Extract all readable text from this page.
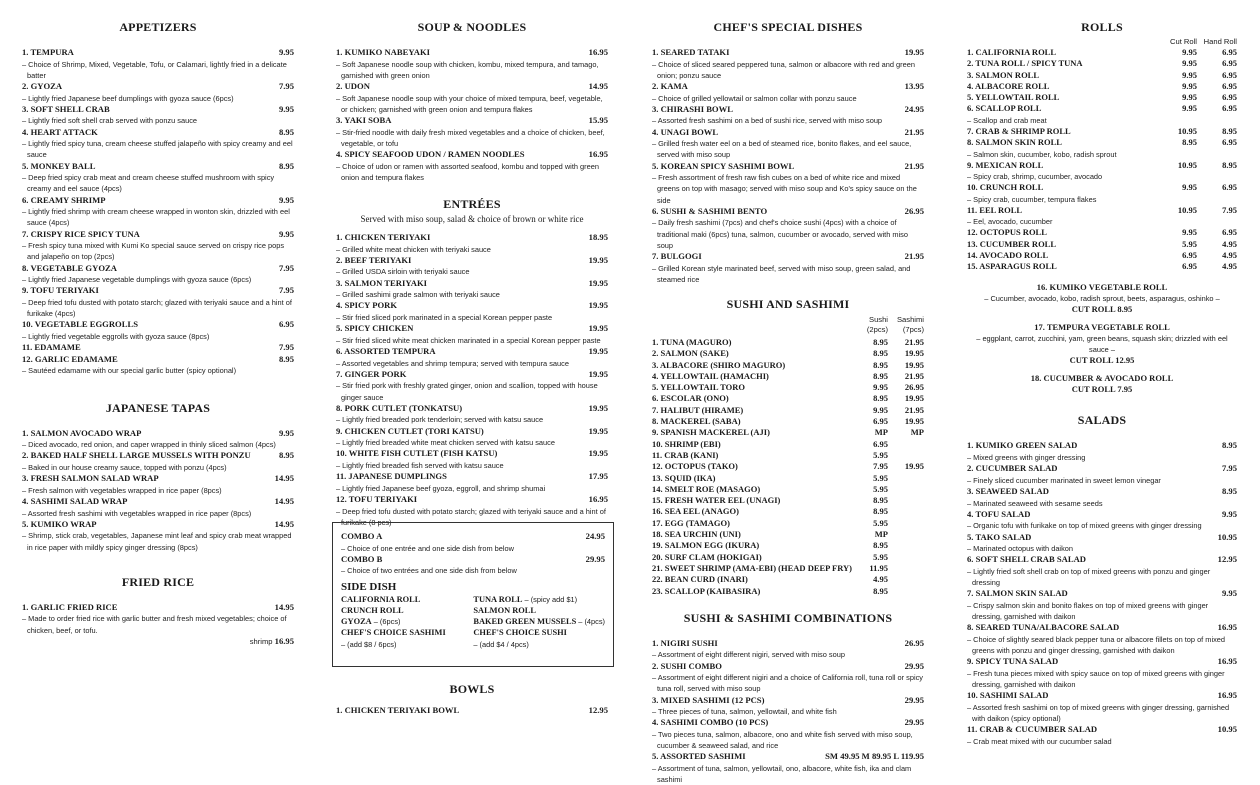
APPETIZERS
1. TEMPURA	9.95
– Choice of Shrimp, Mixed, Vegetable, Tofu, or Calamari, lightly fried in a delicate batter
2. GYOZA	7.95
– Lightly fried Japanese beef dumplings with gyoza sauce (6pcs)
3. SOFT SHELL CRAB	9.95
– Lightly fried soft shell crab served with ponzu sauce
4. HEART ATTACK	8.95
– Lightly fried spicy tuna, cream cheese stuffed jalapeño with spicy creamy and eel sauce
5. MONKEY BALL	8.95
– Deep fried spicy crab meat and cream cheese stuffed mushroom with spicy creamy and eel sauce (4pcs)
6. CREAMY SHRIMP	9.95
– Lightly fried shrimp with cream cheese wrapped in wonton skin, drizzled with eel sauce (4pcs)
7. CRISPY RICE SPICY TUNA	9.95
– Fresh spicy tuna mixed with Kumi Ko special sauce served on crispy rice pops and jalapeño on top (2pcs)
8. VEGETABLE GYOZA	7.95
– Lightly fried Japanese vegetable dumplings with gyoza sauce (6pcs)
9. TOFU TERIYAKI	7.95
– Deep fried tofu dusted with potato starch; glazed with teriyaki sauce and a hint of furikake (4pcs)
10. VEGETABLE EGGROLLS	6.95
– Lightly fried vegetable eggrolls with gyoza sauce (8pcs)
11. EDAMAME	7.95
12. GARLIC EDAMAME	8.95
– Sautéed edamame with our special garlic butter (spicy optional)
JAPANESE TAPAS
1. SALMON AVOCADO WRAP	9.95
– Diced avocado, red onion, and caper wrapped in thinly sliced salmon (4pcs)
2. BAKED HALF SHELL LARGE MUSSELS WITH PONZU	8.95
– Baked in our house creamy sauce, topped with ponzu (4pcs)
3. FRESH SALMON SALAD WRAP	14.95
– Fresh salmon with vegetables wrapped in rice paper (8pcs)
4. SASHIMI SALAD WRAP	14.95
– Assorted fresh sashimi with vegetables wrapped in rice paper (8pcs)
5. KUMIKO WRAP	14.95
– Shrimp, stick crab, vegetables, Japanese mint leaf and spicy crab meat wrapped in rice paper with mildly spicy ginger dressing (8pcs)
FRIED RICE
1. GARLIC FRIED RICE	14.95
– Made to order fried rice with garlic butter and fresh mixed vegetables; choice of chicken, beef, or tofu.
shrimp 16.95
SOUP & NOODLES
1. KUMIKO NABEYAKI	16.95
– Soft Japanese noodle soup with chicken, kombu, mixed tempura, and tamago, garnished with green onion
2. UDON	14.95
– Soft Japanese noodle soup with your choice of mixed tempura, beef, vegetable, or chicken; garnished with green onion and tempura flakes
3. YAKI SOBA	15.95
– Stir-fried noodle with daily fresh mixed vegetables and a choice of chicken, beef, vegetable, or tofu
4. SPICY SEAFOOD UDON / RAMEN NOODLES	16.95
– Choice of udon or ramen with assorted seafood, kombu and topped with green onion and tempura flakes
ENTRÉES
Served with miso soup, salad & choice of brown or white rice
1. CHICKEN TERIYAKI	18.95
– Grilled white meat chicken with teriyaki sauce
2. BEEF TERIYAKI	19.95
– Grilled USDA sirloin with teriyaki sauce
3. SALMON TERIYAKI	19.95
– Grilled sashimi grade salmon with teriyaki sauce
4. SPICY PORK	19.95
– Stir fried sliced pork marinated in a special Korean pepper paste
5. SPICY CHICKEN	19.95
– Stir fried sliced white meat chicken marinated in a special Korean pepper paste
6. ASSORTED TEMPURA	19.95
– Assorted vegetables and shrimp tempura; served with tempura sauce
7. GINGER PORK	19.95
– Stir fried pork with freshly grated ginger, onion and scallion, topped with house ginger sauce
8. PORK CUTLET (TONKATSU)	19.95
– Lightly fried breaded pork tenderloin; served with katsu sauce
9. CHICKEN CUTLET (TORI KATSU)	19.95
– Lightly fried breaded white meat chicken served with katsu sauce
10. WHITE FISH CUTLET (FISH KATSU)	19.95
– Lightly fried breaded fish served with katsu sauce
11. JAPANESE DUMPLINGS	17.95
– Lightly fried Japanese beef gyoza, eggroll, and shrimp shumai
12. TOFU TERIYAKI	16.95
– Deep fried tofu dusted with potato starch; glazed with teriyaki sauce and a hint of furikake (8 pcs)
BOWLS
1. CHICKEN TERIYAKI BOWL	12.95
COMBO A	24.95
– Choice of one entrée and one side dish from below
COMBO B	29.95
– Choice of two entrées and one side dish from below
SIDE DISH
CALIFORNIA ROLL
CRUNCH ROLL
GYOZA – (6pcs)
CHEF'S CHOICE SASHIMI
– (add $8 / 6pcs)
TUNA ROLL – (spicy add $1)
SALMON ROLL
BAKED GREEN MUSSELS – (4pcs)
CHEF'S CHOICE SUSHI
– (add $4 / 4pcs)
CHEF'S SPECIAL DISHES
1. SEARED TATAKI	19.95
– Choice of sliced seared peppered tuna, salmon or albacore with red and green onion; ponzu sauce
2. KAMA	13.95
– Choice of grilled yellowtail or salmon collar with ponzu sauce
3. CHIRASHI BOWL	24.95
– Assorted fresh sashimi on a bed of sushi rice, served with miso soup
4. UNAGI BOWL	21.95
– Grilled fresh water eel on a bed of steamed rice, bonito flakes, and eel sauce, served with miso soup
5. KOREAN SPICY SASHIMI BOWL	21.95
– Fresh assortment of fresh raw fish cubes on a bed of white rice and mixed greens on top with masago; served with miso soup and Ko's spicy sauce on the side
6. SUSHI & SASHIMI BENTO	26.95
– Daily fresh sashimi (7pcs) and chef's choice sushi (4pcs) with a choice of traditional maki (6pcs) tuna, salmon, cucumber or avocado, served with miso soup
7. BULGOGI	21.95
– Grilled Korean style marinated beef, served with miso soup, green salad, and steamed rice
SUSHI AND SASHIMI
Sushi	Sashimi
(2pcs)	(7pcs)
1. TUNA (MAGURO)	8.95	21.95
2. SALMON (SAKE)	8.95	19.95
3. ALBACORE (SHIRO MAGURO)	8.95	19.95
4. YELLOWTAIL (HAMACHI)	8.95	21.95
5. YELLOWTAIL TORO	9.95	26.95
6. ESCOLAR (ONO)	8.95	19.95
7. HALIBUT (HIRAME)	9.95	21.95
8. MACKEREL (SABA)	6.95	19.95
9. SPANISH MACKEREL (AJI)	MP	MP
10. SHRIMP (EBI)	6.95
11. CRAB (KANI)	5.95
12. OCTOPUS (TAKO)	7.95	19.95
13. SQUID (IKA)	5.95
14. SMELT ROE (MASAGO)	5.95
15. FRESH WATER EEL (UNAGI)	8.95
16. SEA EEL (ANAGO)	8.95
17. EGG (TAMAGO)	5.95
18. SEA URCHIN (UNI)	MP
19. SALMON EGG (IKURA)	8.95
20. SURF CLAM (HOKIGAI)	5.95
21. SWEET SHRIMP (AMA-EBI) (HEAD DEEP FRY)	11.95
22. BEAN CURD (INARI)	4.95
23. SCALLOP (KAIBASIRA)	8.95
SUSHI & SASHIMI COMBINATIONS
1. NIGIRI SUSHI	26.95
– Assortment of eight different nigiri, served with miso soup
2. SUSHI COMBO	29.95
– Assortment of eight different nigiri and a choice of California roll, tuna roll or spicy tuna roll, served with miso soup
3. MIXED SASHIMI (12 PCS)	29.95
– Three pieces of tuna, salmon, yellowtail, and white fish
4. SASHIMI COMBO (10 PCS)	29.95
– Two pieces tuna, salmon, albacore, ono and white fish served with miso soup, cucumber & seaweed salad, and rice
5. ASSORTED SASHIMI	SM 49.95 M 89.95 L 119.95
– Assortment of tuna, salmon, yellowtail, ono, albacore, white fish, ika and clam sashimi
ROLLS
Cut Roll Hand Roll
1. CALIFORNIA ROLL	9.95	6.95
2. TUNA ROLL / SPICY TUNA	9.95	6.95
3. SALMON ROLL	9.95	6.95
4. ALBACORE ROLL	9.95	6.95
5. YELLOWTAIL ROLL	9.95	6.95
6. SCALLOP ROLL	9.95	6.95
– Scallop and crab meat
7. CRAB & SHRIMP ROLL	10.95	8.95
8. SALMON SKIN ROLL	8.95	6.95
– Salmon skin, cucumber, kobo, radish sprout
9. MEXICAN ROLL	10.95	8.95
– Spicy crab, shrimp, cucumber, avocado
10. CRUNCH ROLL	9.95	6.95
– Spicy crab, cucumber, tempura flakes
11. EEL ROLL	10.95	7.95
– Eel, avocado, cucumber
12. OCTOPUS ROLL	9.95	6.95
13. CUCUMBER ROLL	5.95	4.95
14. AVOCADO ROLL	6.95	4.95
15. ASPARAGUS ROLL	6.95	4.95
16. KUMIKO VEGETABLE ROLL
– Cucumber, avocado, kobo, radish sprout, beets, asparagus, oshinko –
CUT ROLL 8.95
17. TEMPURA VEGETABLE ROLL
– eggplant, carrot, zucchini, yam, green beans, squash skin; drizzled with eel sauce –
CUT ROLL 12.95
18. CUCUMBER & AVOCADO ROLL
CUT ROLL 7.95
SALADS
1. KUMIKO GREEN SALAD	8.95
– Mixed greens with ginger dressing
2. CUCUMBER SALAD	7.95
– Finely sliced cucumber marinated in sweet lemon vinegar
3. SEAWEED SALAD	8.95
– Marinated seaweed with sesame seeds
4. TOFU SALAD	9.95
– Organic tofu with furikake on top of mixed greens with ginger dressing
5. TAKO SALAD	10.95
– Marinated octopus with daikon
6. SOFT SHELL CRAB SALAD	12.95
– Lightly fried soft shell crab on top of mixed greens with ponzu and ginger dressing
7. SALMON SKIN SALAD	9.95
– Crispy salmon skin and bonito flakes on top of mixed greens with ginger dressing, garnished with daikon
8. SEARED TUNA/ALBACORE SALAD	16.95
– Choice of slightly seared black pepper tuna or albacore fillets on top of mixed greens with ponzu and ginger dressing, garnished with daikon
9. SPICY TUNA SALAD	16.95
– Fresh tuna pieces mixed with spicy sauce on top of mixed greens with ginger dressing, garnished with daikon
10. SASHIMI SALAD	16.95
– Assorted fresh sashimi on top of mixed greens with ginger dressing, garnished with daikon (spicy optional)
11. CRAB & CUCUMBER SALAD	10.95
– Crab meat mixed with our cucumber salad
